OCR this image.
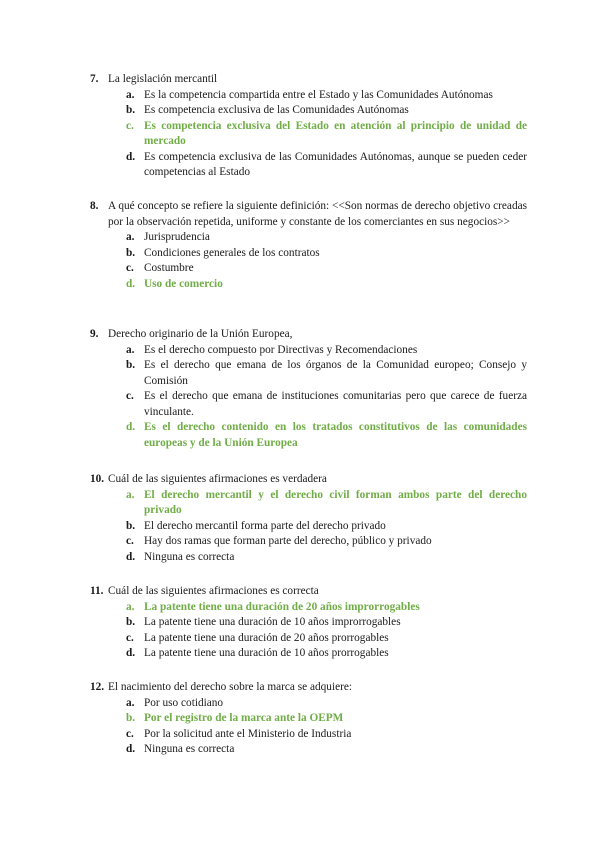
7. La legislación mercantil
a. Es la competencia compartida entre el Estado y las Comunidades Autónomas
b. Es competencia exclusiva de las Comunidades Autónomas
c. Es competencia exclusiva del Estado en atención al principio de unidad de mercado
d. Es competencia exclusiva de las Comunidades Autónomas, aunque se pueden ceder competencias al Estado
8. A qué concepto se refiere la siguiente definición: <<Son normas de derecho objetivo creadas por la observación repetida, uniforme y constante de los comerciantes en sus negocios>>
a. Jurisprudencia
b. Condiciones generales de los contratos
c. Costumbre
d. Uso de comercio
9. Derecho originario de la Unión Europea,
a. Es el derecho compuesto por Directivas y Recomendaciones
b. Es el derecho que emana de los órganos de la Comunidad europeo; Consejo y Comisión
c. Es el derecho que emana de instituciones comunitarias pero que carece de fuerza vinculante.
d. Es el derecho contenido en los tratados constitutivos de las comunidades europeas y de la Unión Europea
10. Cuál de las siguientes afirmaciones es verdadera
a. El derecho mercantil y el derecho civil forman ambos parte del derecho privado
b. El derecho mercantil forma parte del derecho privado
c. Hay dos ramas que forman parte del derecho, público y privado
d. Ninguna es correcta
11. Cuál de las siguientes afirmaciones es correcta
a. La patente tiene una duración de 20 años improrrogables
b. La patente tiene una duración de 10 años improrrogables
c. La patente tiene una duración de 20 años prorrogables
d. La patente tiene una duración de 10 años prorrogables
12. El nacimiento del derecho sobre la marca se adquiere:
a. Por uso cotidiano
b. Por el registro de la marca ante la OEPM
c. Por la solicitud ante el Ministerio de Industria
d. Ninguna es correcta
